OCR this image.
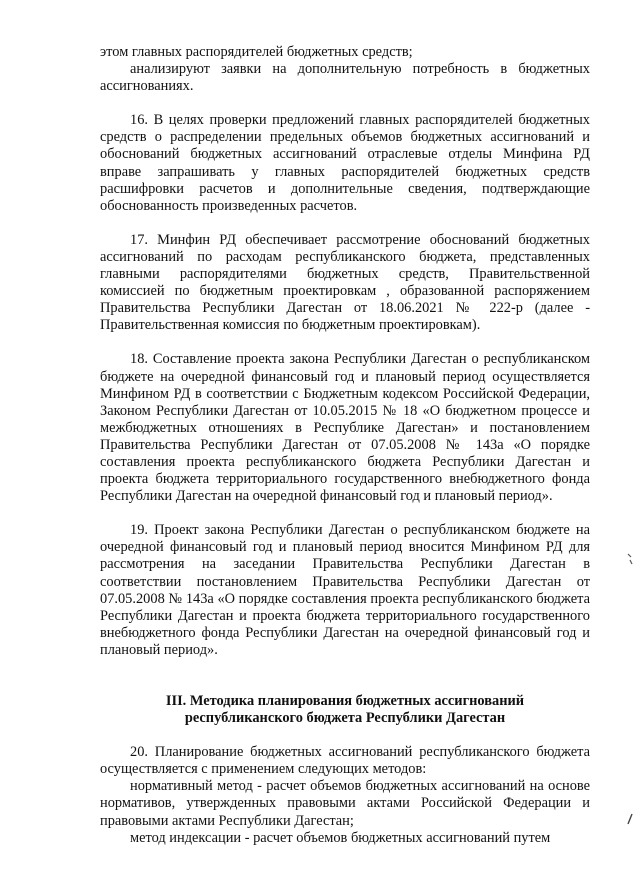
этом главных распорядителей бюджетных средств;

анализируют заявки на дополнительную потребность в бюджетных ассигнованиях.

16. В целях проверки предложений главных распорядителей бюджетных средств о распределении предельных объемов бюджетных ассигнований и обоснований бюджетных ассигнований отраслевые отделы Минфина РД вправе запрашивать у главных распорядителей бюджетных средств расшифровки расчетов и дополнительные сведения, подтверждающие обоснованность произведенных расчетов.

17. Минфин РД обеспечивает рассмотрение обоснований бюджетных ассигнований по расходам республиканского бюджета, представленных главными распорядителями бюджетных средств, Правительственной комиссией по бюджетным проектировкам , образованной распоряжением Правительства Республики Дагестан от 18.06.2021 № 222-р (далее - Правительственная комиссия по бюджетным проектировкам).

18. Составление проекта закона Республики Дагестан о республиканском бюджете на очередной финансовый год и плановый период осуществляется Минфином РД в соответствии с Бюджетным кодексом Российской Федерации, Законом Республики Дагестан от 10.05.2015 № 18 «О бюджетном процессе и межбюджетных отношениях в Республике Дагестан» и постановлением Правительства Республики Дагестан от 07.05.2008 № 143а «О порядке составления проекта республиканского бюджета Республики Дагестан и проекта бюджета территориального государственного внебюджетного фонда Республики Дагестан на очередной финансовый год и плановый период».

19. Проект закона Республики Дагестан о республиканском бюджете на очередной финансовый год и плановый период вносится Минфином РД для рассмотрения на заседании Правительства Республики Дагестан в соответствии постановлением Правительства Республики Дагестан от 07.05.2008 № 143а «О порядке составления проекта республиканского бюджета Республики Дагестан и проекта бюджета территориального государственного внебюджетного фонда Республики Дагестан на очередной финансовый год и плановый период».

III. Методика планирования бюджетных ассигнований
республиканского бюджета Республики Дагестан

20. Планирование бюджетных ассигнований республиканского бюджета осуществляется с применением следующих методов:

нормативный метод - расчет объемов бюджетных ассигнований на основе нормативов, утвержденных правовыми актами Российской Федерации и правовыми актами Республики Дагестан;

метод индексации - расчет объемов бюджетных ассигнований путем
